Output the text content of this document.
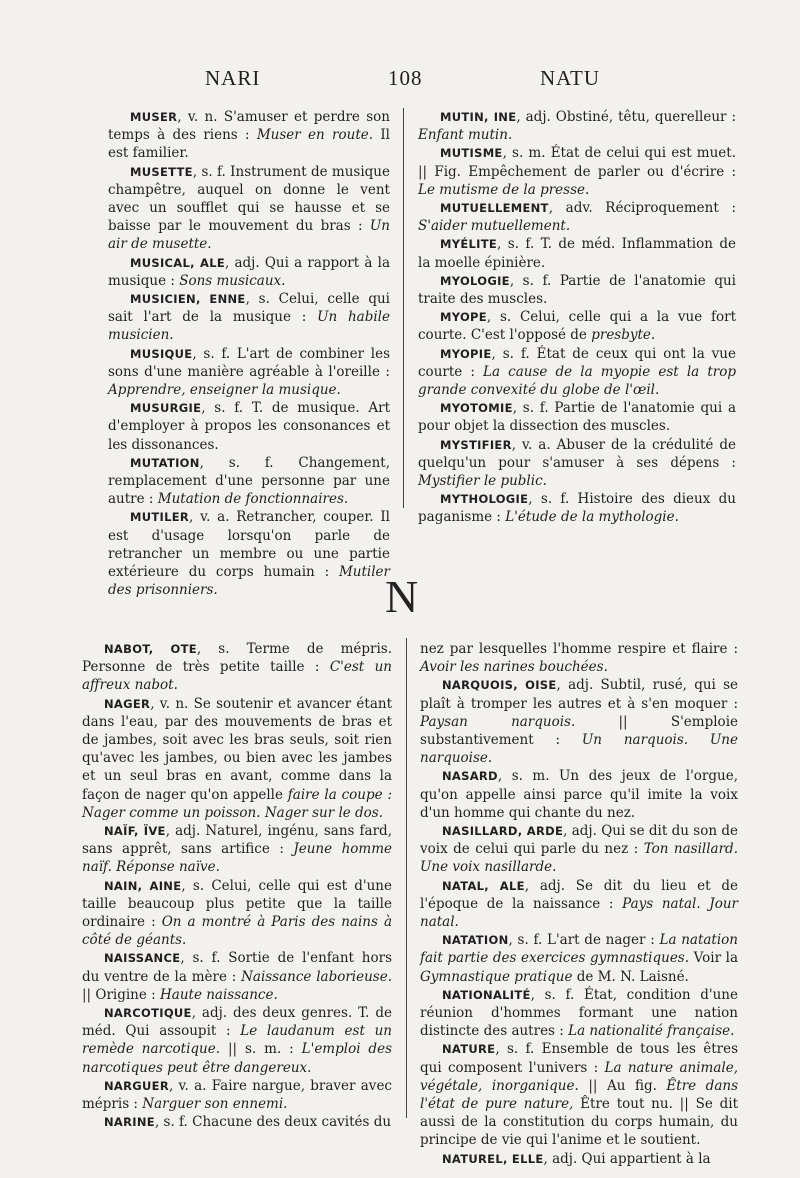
NARI	108	NATU

MUSER, v. n. S'amuser et perdre son temps à des riens : Muser en route. Il est familier.

MUSETTE, s. f. Instrument de musique champêtre, auquel on donne le vent avec un soufflet qui se hausse et se baisse par le mouvement du bras : Un air de musette.

MUSICAL, ALE, adj. Qui a rapport à la musique : Sons musicaux.

MUSICIEN, ENNE, s. Celui, celle qui sait l'art de la musique : Un habile musicien.

MUSIQUE, s. f. L'art de combiner les sons d'une manière agréable à l'oreille : Apprendre, enseigner la musique.

MUSURGIE, s. f. T. de musique. Art d'employer à propos les consonances et les dissonances.

MUTATION, s. f. Changement, remplacement d'une personne par une autre : Mutation de fonctionnaires.

MUTILER, v. a. Retrancher, couper. Il est d'usage lorsqu'on parle de retrancher un membre ou une partie extérieure du corps humain : Mutiler des prisonniers.

MUTIN, INE, adj. Obstiné, têtu, querelleur : Enfant mutin.

MUTISME, s. m. État de celui qui est muet. || Fig. Empêchement de parler ou d'écrire : Le mutisme de la presse.

MUTUELLEMENT, adv. Réciproquement : S'aider mutuellement.

MYÉLITE, s. f. T. de méd. Inflammation de la moelle épinière.

MYOLOGIE, s. f. Partie de l'anatomie qui traite des muscles.

MYOPE, s. Celui, celle qui a la vue fort courte. C'est l'opposé de presbyte.

MYOPIE, s. f. État de ceux qui ont la vue courte : La cause de la myopie est la trop grande convexité du globe de l'œil.

MYOTOMIE, s. f. Partie de l'anatomie qui a pour objet la dissection des muscles.

MYSTIFIER, v. a. Abuser de la crédulité de quelqu'un pour s'amuser à ses dépens : Mystifier le public.

MYTHOLOGIE, s. f. Histoire des dieux du paganisme : L'étude de la mythologie.

N

NABOT, OTE, s. Terme de mépris. Personne de très petite taille : C'est un affreux nabot.

NAGER, v. n. Se soutenir et avancer étant dans l'eau, par des mouvements de bras et de jambes, soit avec les bras seuls, soit rien qu'avec les jambes, ou bien avec les jambes et un seul bras en avant, comme dans la façon de nager qu'on appelle faire la coupe : Nager comme un poisson. Nager sur le dos.

NAÏF, ÏVE, adj. Naturel, ingénu, sans fard, sans apprêt, sans artifice : Jeune homme naïf. Réponse naïve.

NAIN, AINE, s. Celui, celle qui est d'une taille beaucoup plus petite que la taille ordinaire : On a montré à Paris des nains à côté de géants.

NAISSANCE, s. f. Sortie de l'enfant hors du ventre de la mère : Naissance laborieuse. || Origine : Haute naissance.

NARCOTIQUE, adj. des deux genres. T. de méd. Qui assoupit : Le laudanum est un remède narcotique. || s. m. : L'emploi des narcotiques peut être dangereux.

NARGUER, v. a. Faire nargue, braver avec mépris : Narguer son ennemi.

NARINE, s. f. Chacune des deux cavités du

nez par lesquelles l'homme respire et flaire : Avoir les narines bouchées.

NARQUOIS, OISE, adj. Subtil, rusé, qui se plaît à tromper les autres et à s'en moquer : Paysan narquois. || S'emploie substantivement : Un narquois. Une narquoise.

NASARD, s. m. Un des jeux de l'orgue, qu'on appelle ainsi parce qu'il imite la voix d'un homme qui chante du nez.

NASILLARD, ARDE, adj. Qui se dit du son de voix de celui qui parle du nez : Ton nasillard. Une voix nasillarde.

NATAL, ALE, adj. Se dit du lieu et de l'époque de la naissance : Pays natal. Jour natal.

NATATION, s. f. L'art de nager : La natation fait partie des exercices gymnastiques. Voir la Gymnastique pratique de M. N. Laisné.

NATIONALITÉ, s. f. État, condition d'une réunion d'hommes formant une nation distincte des autres : La nationalité française.

NATURE, s. f. Ensemble de tous les êtres qui composent l'univers : La nature animale, végétale, inorganique. || Au fig. Être dans l'état de pure nature, Être tout nu. || Se dit aussi de la constitution du corps humain, du principe de vie qui l'anime et le soutient.

NATUREL, ELLE, adj. Qui appartient à la
